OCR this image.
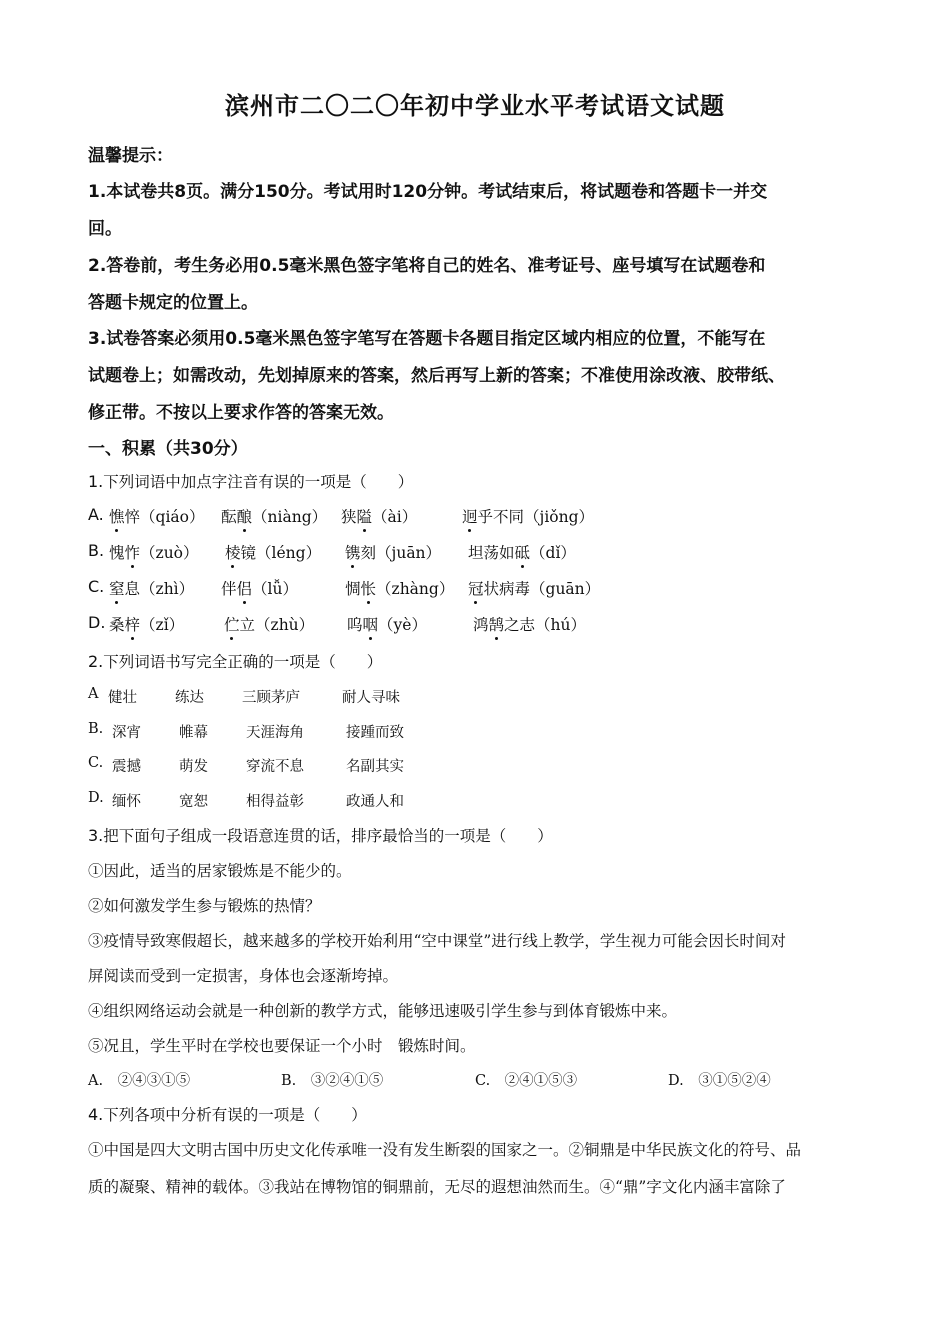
滨州市二〇二〇年初中学业水平考试语文试题
温馨提示：
1.本试卷共8页。满分150分。考试用时120分钟。考试结束后，将试题卷和答题卡一并交
回。
2.答卷前，考生务必用0.5毫米黑色签字笔将自己的姓名、准考证号、座号填写在试题卷和
答题卡规定的位置上。
3.试卷答案必须用0.5毫米黑色签字笔写在答题卡各题目指定区域内相应的位置，不能写在
试题卷上；如需改动，先划掉原来的答案，然后再写上新的答案；不准使用涂改液、胶带纸、
修正带。不按以上要求作答的答案无效。
一、积累（共30分）
1.下列词语中加点字注音有误的一项是（　　）
A. 憔悴（qiáo） 酝酿（niàng） 狭隘（ài）	迥乎不同（jiǒng）
B. 愧怍（zuò） 棱镜（léng） 镌刻（juān） 坦荡如砥（dǐ）
C. 窒息（zhì） 伴侣（lǚ）	惆怅（zhàng） 冠状病毒（guān）
D. 桑梓（zǐ）	伫立（zhù） 呜咽（yè）	鸿鹄之志（hú）
2.下列词语书写完全正确的一项是（　　）
A 健壮	练达	三顾茅庐	耐人寻味
B. 深宵	帷幕	天涯海角	接踵而致
C. 震撼	萌发	穿流不息	名副其实
D. 缅怀	宽恕	相得益彰	政通人和
3.把下面句子组成一段语意连贯的话，排序最恰当的一项是（　　）
①因此，适当的居家锻炼是不能少的。
②如何激发学生参与锻炼的热情？
③疫情导致寒假超长，越来越多的学校开始利用“空中课堂”进行线上教学，学生视力可能会因长时间对
屏阅读而受到一定损害，身体也会逐渐垮掉。
④组织网络运动会就是一种创新的教学方式，能够迅速吸引学生参与到体育锻炼中来。
⑤况且，学生平时在学校也要保证一个小时　锻炼时间。
A.　②④③①⑤	B.　③②④①⑤	C.　②④①⑤③	D.　③①⑤②④
4.下列各项中分析有误的一项是（　　）
①中国是四大文明古国中历史文化传承唯一没有发生断裂的国家之一。②铜鼎是中华民族文化的符号、品
质的凝聚、精神的载体。③我站在博物馆的铜鼎前，无尽的遐想油然而生。④“鼎”字文化内涵丰富除了
